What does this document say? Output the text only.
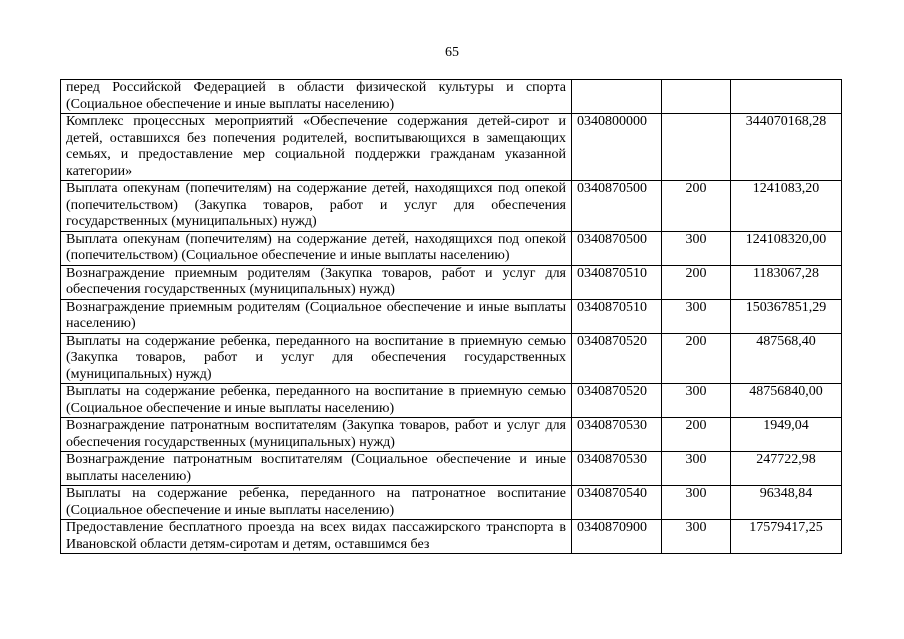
65
перед Российской Федерацией в области физической культуры и спорта (Социальное обеспечение и иные выплаты населению)			
Комплекс процессных мероприятий «Обеспечение содержания детей-сирот и детей, оставшихся без попечения родителей, воспитывающихся в замещающих семьях, и предоставление мер социальной поддержки гражданам указанной категории»	0340800000		344070168,28
Выплата опекунам (попечителям) на содержание детей, находящихся под опекой (попечительством) (Закупка товаров, работ и услуг для обеспечения государственных (муниципальных) нужд)	0340870500	200	1241083,20
Выплата опекунам (попечителям) на содержание детей, находящихся под опекой (попечительством) (Социальное обеспечение и иные выплаты населению)	0340870500	300	124108320,00
Вознаграждение приемным родителям (Закупка товаров, работ и услуг для обеспечения государственных (муниципальных) нужд)	0340870510	200	1183067,28
Вознаграждение приемным родителям (Социальное обеспечение и иные выплаты населению)	0340870510	300	150367851,29
Выплаты на содержание ребенка, переданного на воспитание в приемную семью (Закупка товаров, работ и услуг для обеспечения государственных (муниципальных) нужд)	0340870520	200	487568,40
Выплаты на содержание ребенка, переданного на воспитание в приемную семью (Социальное обеспечение и иные выплаты населению)	0340870520	300	48756840,00
Вознаграждение патронатным воспитателям (Закупка товаров, работ и услуг для обеспечения государственных (муниципальных) нужд)	0340870530	200	1949,04
Вознаграждение патронатным воспитателям (Социальное обеспечение и иные выплаты населению)	0340870530	300	247722,98
Выплаты на содержание ребенка, переданного на патронатное воспитание (Социальное обеспечение и иные выплаты населению)	0340870540	300	96348,84
Предоставление бесплатного проезда на всех видах пассажирского транспорта в Ивановской области детям-сиротам и детям, оставшимся без	0340870900	300	17579417,25
